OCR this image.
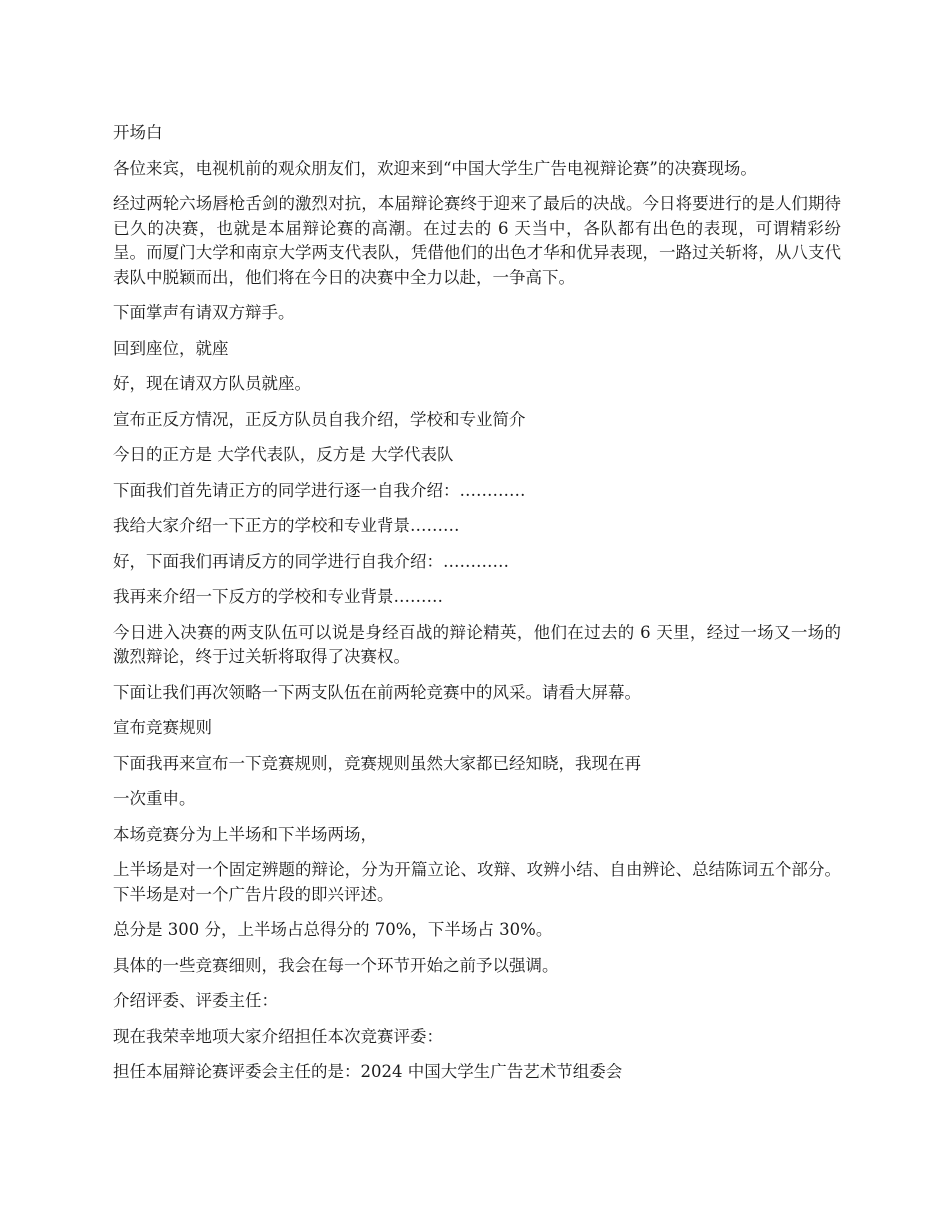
开场白

各位来宾，电视机前的观众朋友们，欢迎来到“中国大学生广告电视辩论赛”的决赛现场。

经过两轮六场唇枪舌剑的激烈对抗，本届辩论赛终于迎来了最后的决战。今日将要进行的是人们期待已久的决赛，也就是本届辩论赛的高潮。在过去的 6 天当中，各队都有出色的表现，可谓精彩纷呈。而厦门大学和南京大学两支代表队，凭借他们的出色才华和优异表现，一路过关斩将，从八支代表队中脱颖而出，他们将在今日的决赛中全力以赴，一争高下。

下面掌声有请双方辩手。

回到座位，就座

好，现在请双方队员就座。

宣布正反方情况，正反方队员自我介绍，学校和专业简介

今日的正方是 大学代表队，反方是 大学代表队

下面我们首先请正方的同学进行逐一自我介绍：…………

我给大家介绍一下正方的学校和专业背景………

好，下面我们再请反方的同学进行自我介绍：…………

我再来介绍一下反方的学校和专业背景………

今日进入决赛的两支队伍可以说是身经百战的辩论精英，他们在过去的 6 天里，经过一场又一场的激烈辩论，终于过关斩将取得了决赛权。

下面让我们再次领略一下两支队伍在前两轮竞赛中的风采。请看大屏幕。

宣布竞赛规则

下面我再来宣布一下竞赛规则，竞赛规则虽然大家都已经知晓，我现在再

一次重申。

本场竞赛分为上半场和下半场两场，

上半场是对一个固定辨题的辩论，分为开篇立论、攻辩、攻辨小结、自由辨论、总结陈词五个部分。下半场是对一个广告片段的即兴评述。

总分是 300 分，上半场占总得分的 70%，下半场占 30%。

具体的一些竞赛细则，我会在每一个环节开始之前予以强调。

介绍评委、评委主任：

现在我荣幸地项大家介绍担任本次竞赛评委：

担任本届辩论赛评委会主任的是：2024 中国大学生广告艺术节组委会
